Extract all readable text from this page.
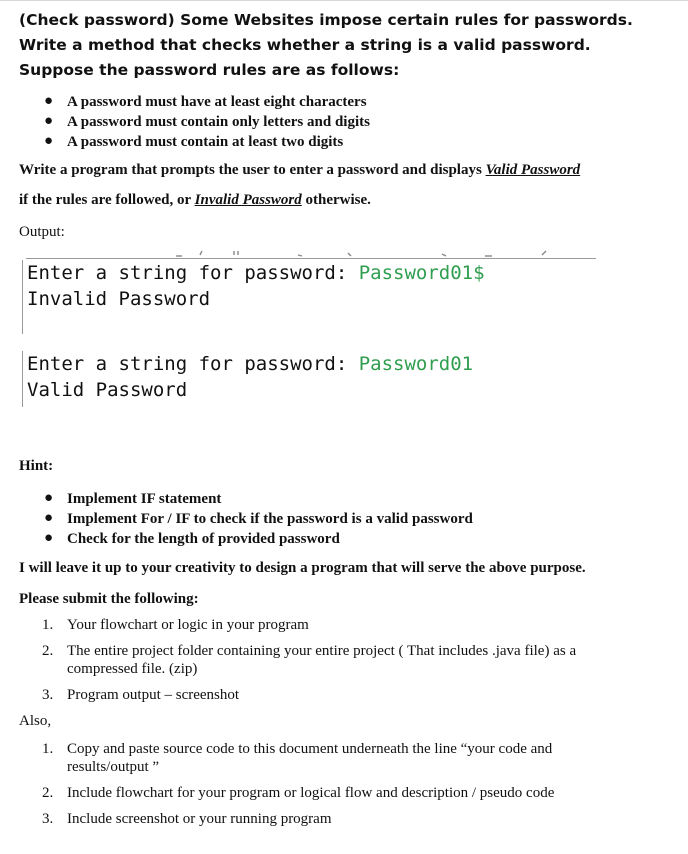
(Check password) Some Websites impose certain rules for passwords. Write a method that checks whether a string is a valid password. Suppose the password rules are as follows:

● A password must have at least eight characters
● A password must contain only letters and digits
● A password must contain at least two digits

Write a program that prompts the user to enter a password and displays Valid Password

if the rules are followed, or Invalid Password otherwise.

Output:

Enter a string for password: Password01$
Invalid Password
Enter a string for password: Password01
Valid Password

Hint:

● Implement IF statement
● Implement For / IF to check if the password is a valid password
● Check for the length of provided password

I will leave it up to your creativity to design a program that will serve the above purpose.

Please submit the following:

1. Your flowchart or logic in your program
2. The entire project folder containing your entire project ( That includes .java file) as a compressed file. (zip)
3. Program output – screenshot

Also,

1. Copy and paste source code to this document underneath the line “your code and results/output ”
2. Include flowchart for your program or logical flow and description / pseudo code
3. Include screenshot or your running program
